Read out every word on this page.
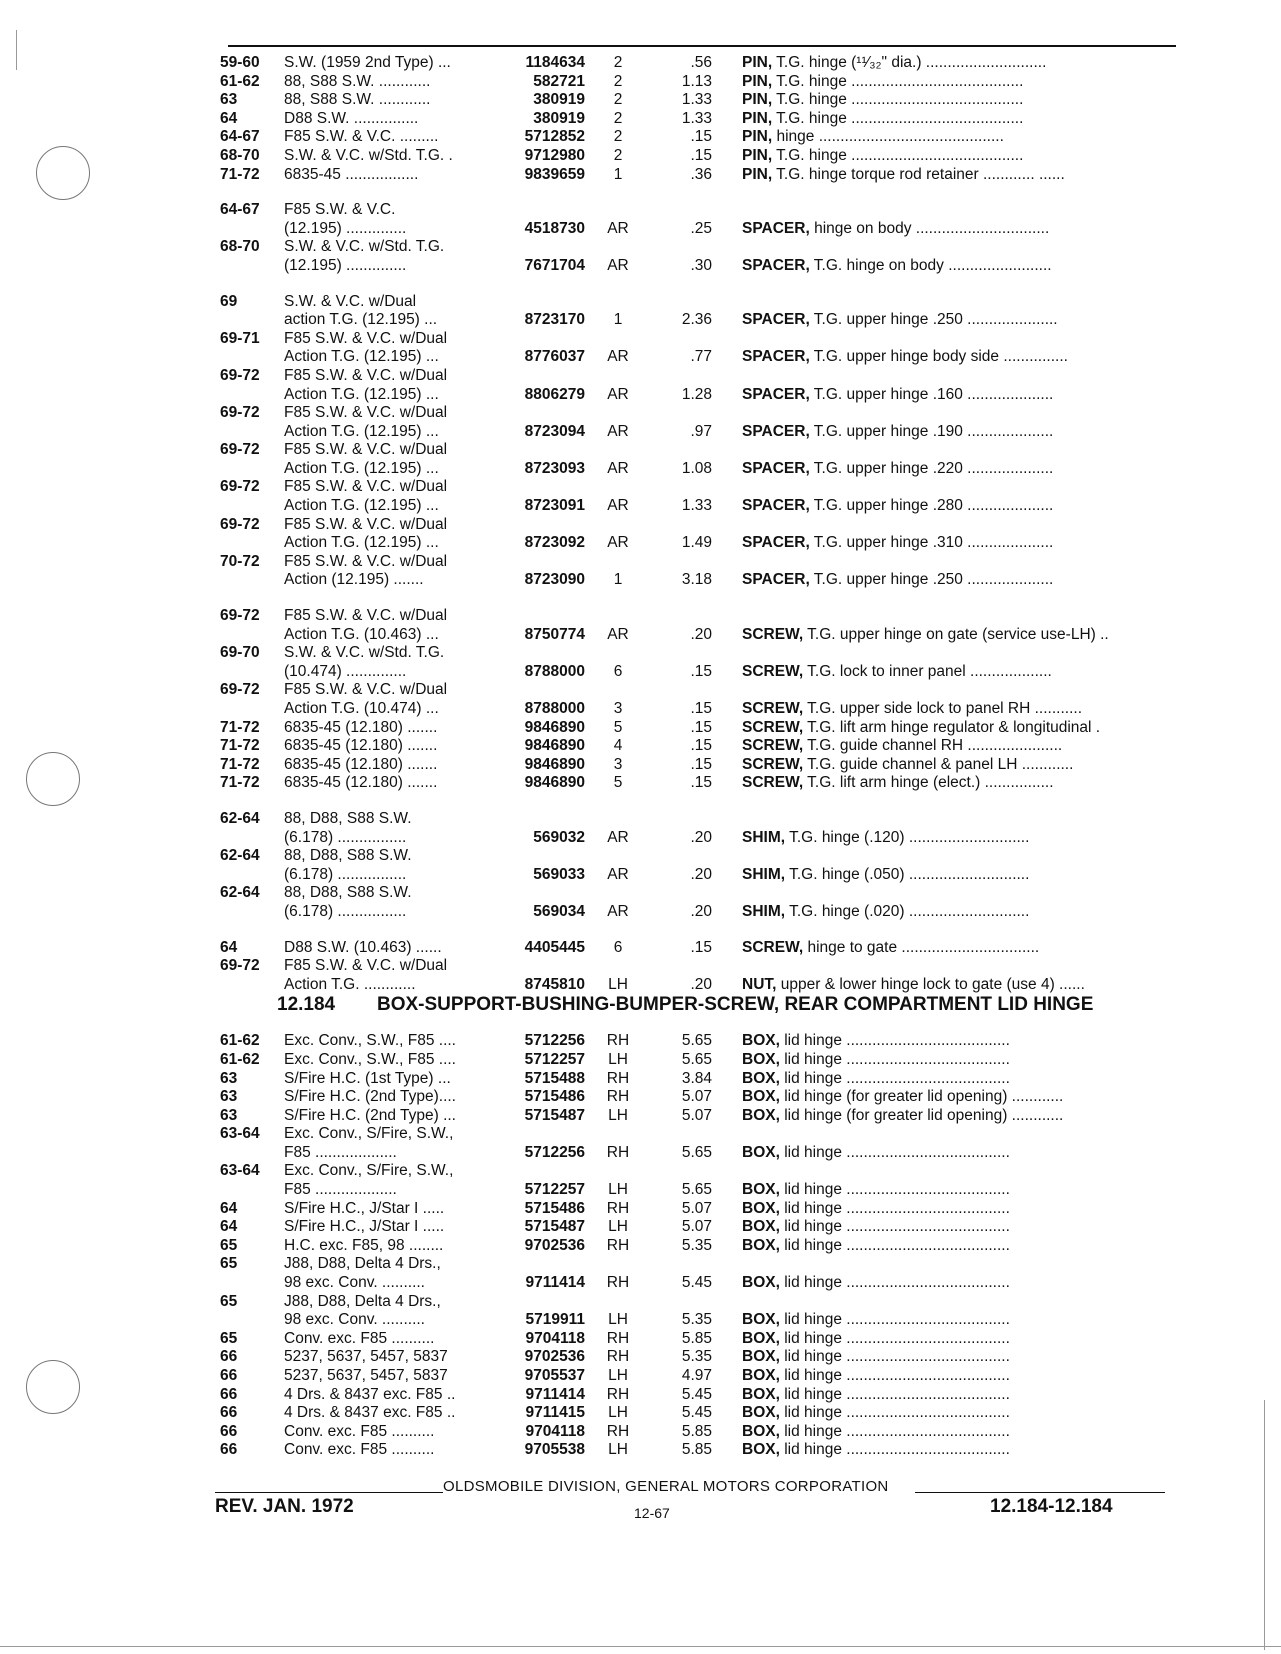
59-60	S.W. (1959 2nd Type) ...	1184634	2	.56 PIN, T.G. hinge (¹¹⁄₃₂" dia.) ............................
61-62	88, S88 S.W. ............	582721	2	1.13 PIN, T.G. hinge ........................................
63	88, S88 S.W. ............	380919	2	1.33 PIN, T.G. hinge ........................................
64	D88 S.W. ...............	380919	2	1.33 PIN, T.G. hinge ........................................
64-67	F85 S.W. & V.C. .........	5712852	2	.15 PIN, hinge ...........................................
68-70	S.W. & V.C. w/Std. T.G. .	9712980	2	.15 PIN, T.G. hinge ........................................
71-72	6835-45 .................	9839659	1	.36 PIN, T.G. hinge torque rod retainer ............ ......
64-67	F85 S.W. & V.C.
(12.195) ..............	4518730	AR	.25 SPACER, hinge on body ...............................
68-70	S.W. & V.C. w/Std. T.G.
(12.195) ..............	7671704	AR	.30 SPACER, T.G. hinge on body ........................
69	S.W. & V.C. w/Dual
action T.G. (12.195) ...	8723170	1	2.36 SPACER, T.G. upper hinge .250 .....................
69-71	F85 S.W. & V.C. w/Dual
Action T.G. (12.195) ...	8776037	AR	.77 SPACER, T.G. upper hinge body side ...............
69-72	F85 S.W. & V.C. w/Dual
Action T.G. (12.195) ...	8806279	AR	1.28 SPACER, T.G. upper hinge .160 ....................
69-72	F85 S.W. & V.C. w/Dual
Action T.G. (12.195) ...	8723094	AR	.97 SPACER, T.G. upper hinge .190 ....................
69-72	F85 S.W. & V.C. w/Dual
Action T.G. (12.195) ...	8723093	AR	1.08 SPACER, T.G. upper hinge .220 ....................
69-72	F85 S.W. & V.C. w/Dual
Action T.G. (12.195) ...	8723091	AR	1.33 SPACER, T.G. upper hinge .280 ....................
69-72	F85 S.W. & V.C. w/Dual
Action T.G. (12.195) ...	8723092	AR	1.49 SPACER, T.G. upper hinge .310 ....................
70-72	F85 S.W. & V.C. w/Dual
Action (12.195) .......	8723090	1	3.18 SPACER, T.G. upper hinge .250 ....................
69-72	F85 S.W. & V.C. w/Dual
Action T.G. (10.463) ...	8750774	AR	.20 SCREW, T.G. upper hinge on gate (service use-LH) ..
69-70	S.W. & V.C. w/Std. T.G.
(10.474) ..............	8788000	6	.15 SCREW, T.G. lock to inner panel ...................
69-72	F85 S.W. & V.C. w/Dual
Action T.G. (10.474) ...	8788000	3	.15 SCREW, T.G. upper side lock to panel RH ...........
71-72	6835-45 (12.180) .......	9846890	5	.15 SCREW, T.G. lift arm hinge regulator & longitudinal .
71-72	6835-45 (12.180) .......	9846890	4	.15 SCREW, T.G. guide channel RH ......................
71-72	6835-45 (12.180) .......	9846890	3	.15 SCREW, T.G. guide channel & panel LH ............
71-72	6835-45 (12.180) .......	9846890	5	.15 SCREW, T.G. lift arm hinge (elect.) ................
62-64	88, D88, S88 S.W.
(6.178) ................	569032	AR	.20 SHIM, T.G. hinge (.120) ............................
62-64	88, D88, S88 S.W.
(6.178) ................	569033	AR	.20 SHIM, T.G. hinge (.050) ............................
62-64	88, D88, S88 S.W.
(6.178) ................	569034	AR	.20 SHIM, T.G. hinge (.020) ............................
64	D88 S.W. (10.463) ......	4405445	6	.15 SCREW, hinge to gate ................................
69-72	F85 S.W. & V.C. w/Dual
Action T.G. ............	8745810	LH	.20 NUT, upper & lower hinge lock to gate (use 4) ......
12.184 BOX-SUPPORT-BUSHING-BUMPER-SCREW, REAR COMPARTMENT LID HINGE
61-62	Exc. Conv., S.W., F85 ....	5712256	RH	5.65 BOX, lid hinge ......................................
61-62	Exc. Conv., S.W., F85 ....	5712257	LH	5.65 BOX, lid hinge ......................................
63	S/Fire H.C. (1st Type) ...	5715488	RH	3.84 BOX, lid hinge ......................................
63	S/Fire H.C. (2nd Type)....	5715486	RH	5.07 BOX, lid hinge (for greater lid opening) ............
63	S/Fire H.C. (2nd Type) ...	5715487	LH	5.07 BOX, lid hinge (for greater lid opening) ............
63-64	Exc. Conv., S/Fire, S.W.,
F85 ...................	5712256	RH	5.65 BOX, lid hinge ......................................
63-64	Exc. Conv., S/Fire, S.W.,
F85 ...................	5712257	LH	5.65 BOX, lid hinge ......................................
64	S/Fire H.C., J/Star I .....	5715486	RH	5.07 BOX, lid hinge ......................................
64	S/Fire H.C., J/Star I .....	5715487	LH	5.07 BOX, lid hinge ......................................
65	H.C. exc. F85, 98 ........	9702536	RH	5.35 BOX, lid hinge ......................................
65	J88, D88, Delta 4 Drs.,
98 exc. Conv. ..........	9711414	RH	5.45 BOX, lid hinge ......................................
65	J88, D88, Delta 4 Drs.,
98 exc. Conv. ..........	5719911	LH	5.35 BOX, lid hinge ......................................
65	Conv. exc. F85 ..........	9704118	RH	5.85 BOX, lid hinge ......................................
66	5237, 5637, 5457, 5837	9702536	RH	5.35 BOX, lid hinge ......................................
66	5237, 5637, 5457, 5837	9705537	LH	4.97 BOX, lid hinge ......................................
66	4 Drs. & 8437 exc. F85 ..	9711414	RH	5.45 BOX, lid hinge ......................................
66	4 Drs. & 8437 exc. F85 ..	9711415	LH	5.45 BOX, lid hinge ......................................
66	Conv. exc. F85 ..........	9704118	RH	5.85 BOX, lid hinge ......................................
66	Conv. exc. F85 ..........	9705538	LH	5.85 BOX, lid hinge ......................................
OLDSMOBILE DIVISION, GENERAL MOTORS CORPORATION
REV. JAN. 1972	12-67	12.184-12.184
